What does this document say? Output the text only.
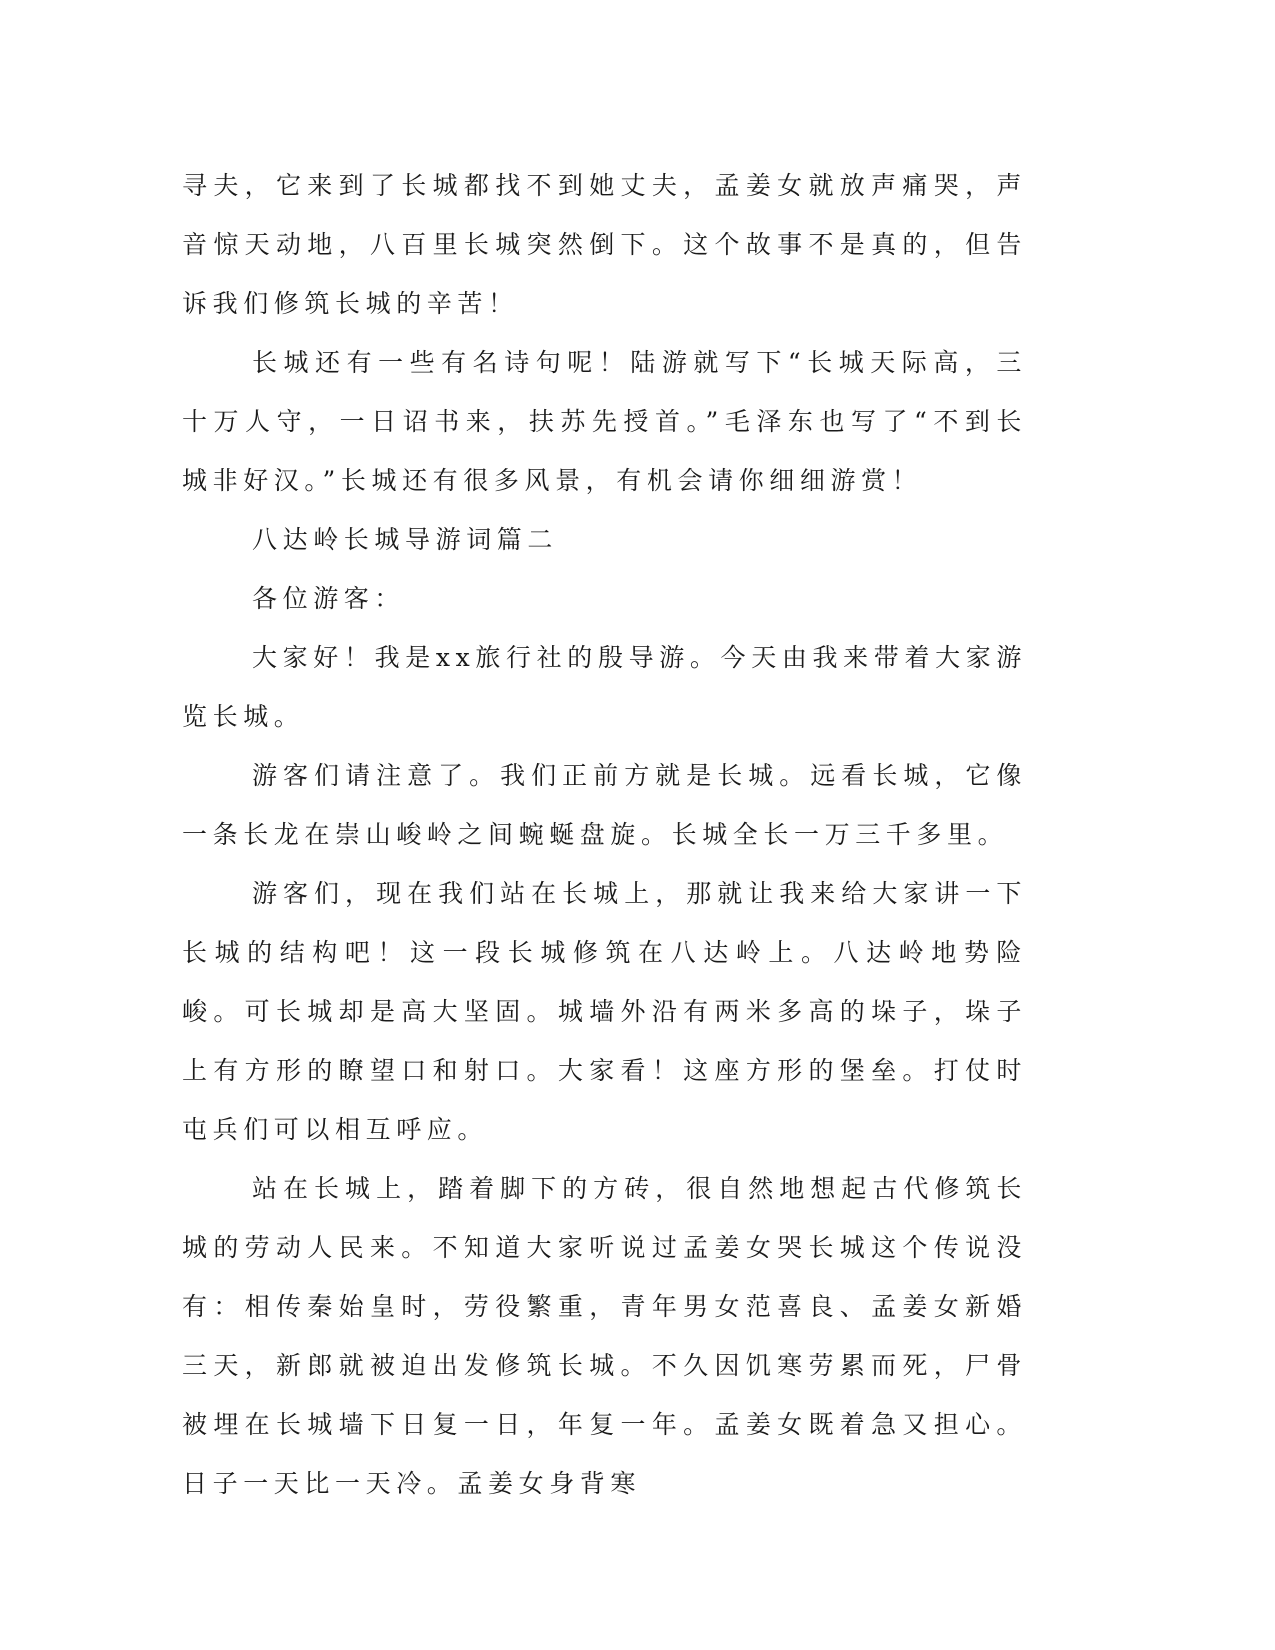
寻夫，它来到了长城都找不到她丈夫，孟姜女就放声痛哭，声音惊天动地，八百里长城突然倒下。这个故事不是真的，但告诉我们修筑长城的辛苦！

长城还有一些有名诗句呢！陆游就写下“长城天际高，三十万人守，一日诏书来，扶苏先授首。”毛泽东也写了“不到长城非好汉。”长城还有很多风景，有机会请你细细游赏！

八达岭长城导游词篇二

各位游客：

大家好！我是xx旅行社的殷导游。今天由我来带着大家游览长城。

游客们请注意了。我们正前方就是长城。远看长城，它像一条长龙在崇山峻岭之间蜿蜒盘旋。长城全长一万三千多里。

游客们，现在我们站在长城上，那就让我来给大家讲一下长城的结构吧！这一段长城修筑在八达岭上。八达岭地势险峻。可长城却是高大坚固。城墙外沿有两米多高的垛子，垛子上有方形的瞭望口和射口。大家看！这座方形的堡垒。打仗时屯兵们可以相互呼应。

站在长城上，踏着脚下的方砖，很自然地想起古代修筑长城的劳动人民来。不知道大家听说过孟姜女哭长城这个传说没有：相传秦始皇时，劳役繁重，青年男女范喜良、孟姜女新婚三天，新郎就被迫出发修筑长城。不久因饥寒劳累而死，尸骨被埋在长城墙下日复一日，年复一年。孟姜女既着急又担心。日子一天比一天冷。孟姜女身背寒
